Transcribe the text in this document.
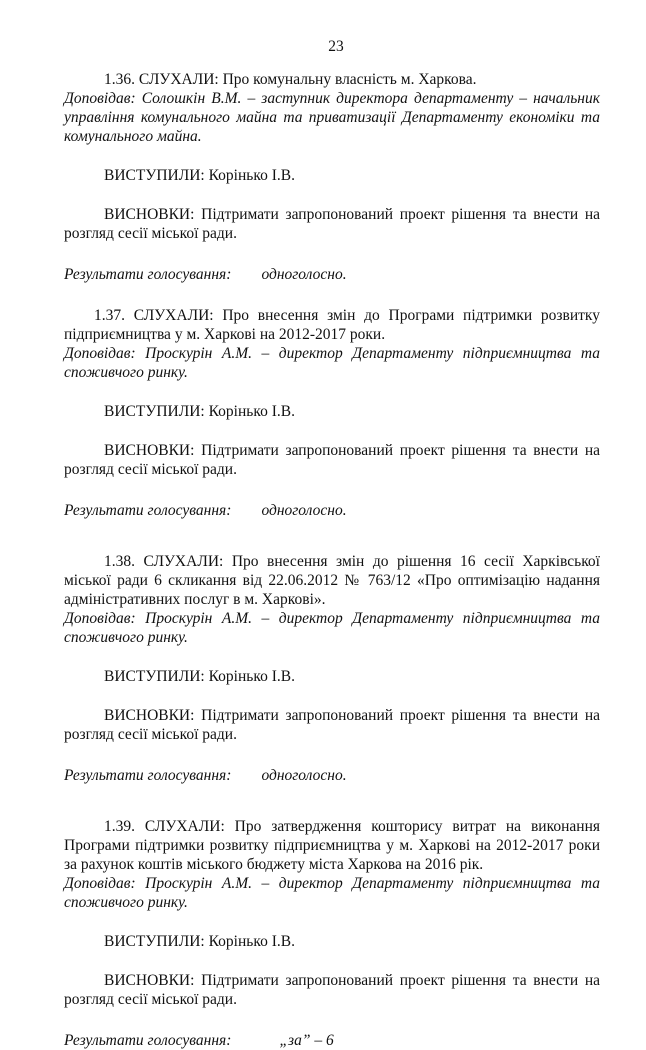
23

1.36. СЛУХАЛИ: Про комунальну власність м. Харкова.

Доповідав: Солошкін В.М. – заступник директора департаменту – начальник управління комунального майна та приватизації Департаменту економіки та комунального майна.

ВИСТУПИЛИ: Корінько І.В.

ВИСНОВКИ: Підтримати запропонований проект рішення та внести на розгляд сесії міської ради.

Результати голосування: одноголосно.

1.37. СЛУХАЛИ: Про внесення змін до Програми підтримки розвитку підприємництва у м. Харкові на 2012-2017 роки.

Доповідав: Проскурін А.М. – директор Департаменту підприємництва та споживчого ринку.

ВИСТУПИЛИ: Корінько І.В.

ВИСНОВКИ: Підтримати запропонований проект рішення та внести на розгляд сесії міської ради.

Результати голосування: одноголосно.

1.38. СЛУХАЛИ: Про внесення змін до рішення 16 сесії Харківської міської ради 6 скликання від 22.06.2012 № 763/12 «Про оптимізацію надання адміністративних послуг в м. Харкові».

Доповідав: Проскурін А.М. – директор Департаменту підприємництва та споживчого ринку.

ВИСТУПИЛИ: Корінько І.В.

ВИСНОВКИ: Підтримати запропонований проект рішення та внести на розгляд сесії міської ради.

Результати голосування: одноголосно.

1.39. СЛУХАЛИ: Про затвердження кошторису витрат на виконання Програми підтримки розвитку підприємництва у м. Харкові на 2012-2017 роки за рахунок коштів міського бюджету міста Харкова на 2016 рік.

Доповідав: Проскурін А.М. – директор Департаменту підприємництва та споживчого ринку.

ВИСТУПИЛИ: Корінько І.В.

ВИСНОВКИ: Підтримати запропонований проект рішення та внести на розгляд сесії міської ради.

Результати голосування:	„за” – 6
